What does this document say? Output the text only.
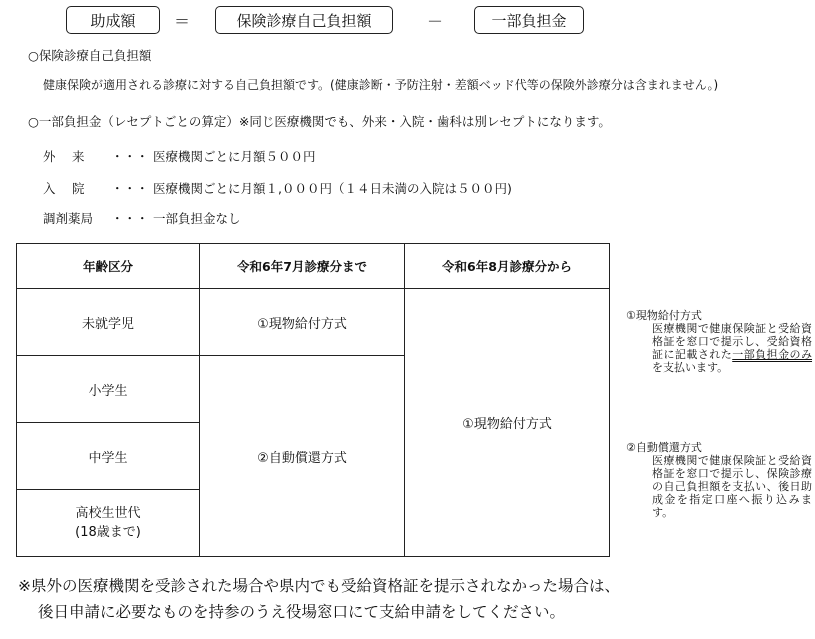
助成額 ＝	保険診療自己負担額	－	一部負担金
○保険診療自己負担額
健康保険が適用される診療に対する自己負担額です。(健康診断・予防注射・差額ベッド代等の保険外診療分は含まれません。)
○一部負担金（レセプトごとの算定）※同じ医療機関でも、外来・入院・歯科は別レセプトになります。
外　 来 ・・・ 医療機関ごとに月額５００円
入　 院 ・・・ 医療機関ごとに月額１,０００円（１４日未満の入院は５００円)
調剤薬局 ・・・ 一部負担金なし
年齢区分	令和6年7月診療分まで	令和6年8月診療分から
未就学児	①現物給付方式	①現物給付方式
小学生	②自動償還方式	
中学生		

高校生世代
(18歳まで)		
①現物給付方式
医療機関で健康保険証と受給資格証を窓口で提示し、受給資格証に記載された一部負担金のみを支払います。
②自動償還方式
医療機関で健康保険証と受給資格証を窓口で提示し、保険診療の自己負担額を支払い、後日助成金を指定口座へ振り込みます。
※県外の医療機関を受診された場合や県内でも受給資格証を提示されなかった場合は、
後日申請に必要なものを持参のうえ役場窓口にて支給申請をしてください。
